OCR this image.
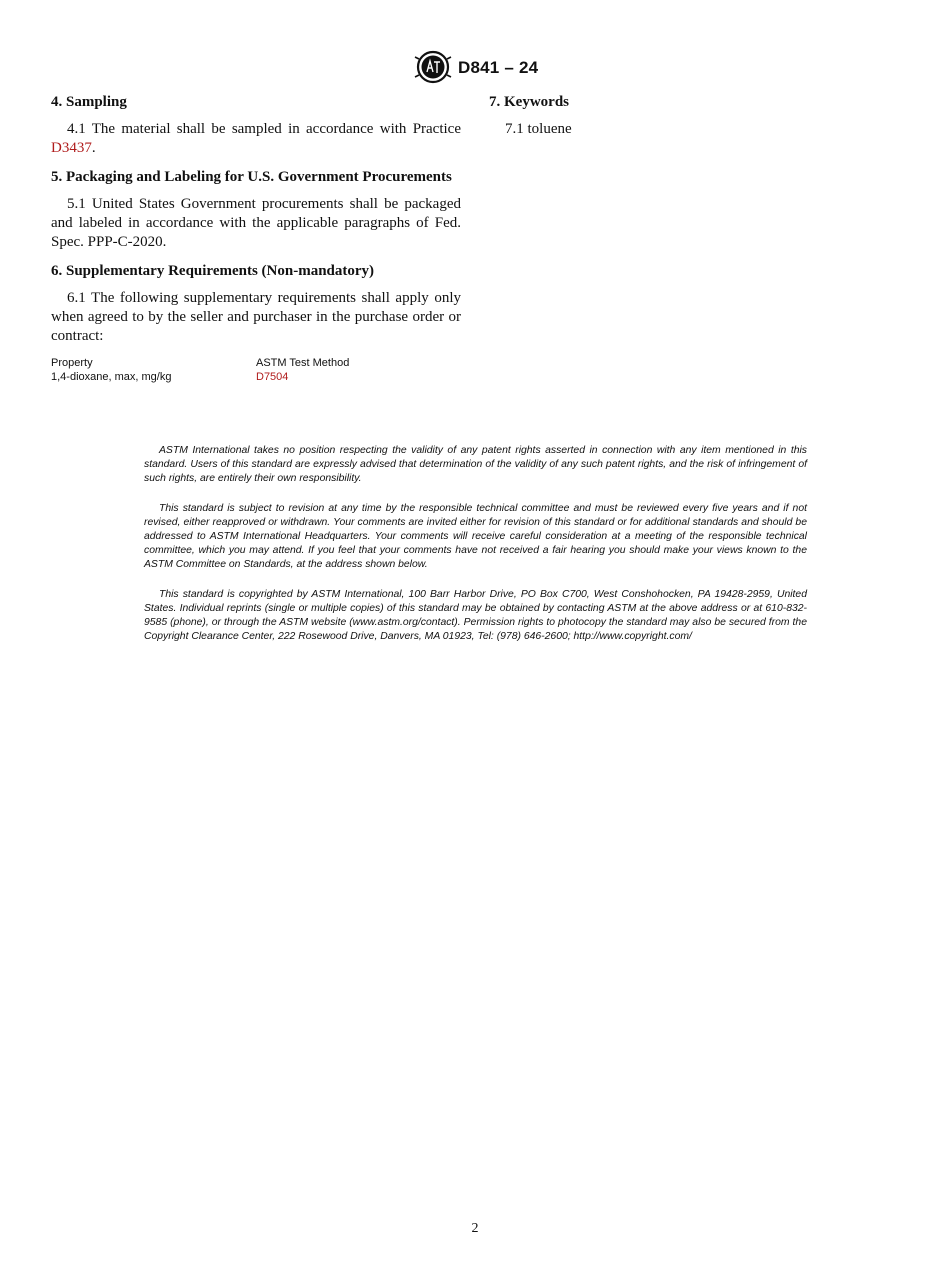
D841 – 24
4. Sampling

4.1 The material shall be sampled in accordance with Practice D3437.

5. Packaging and Labeling for U.S. Government Procurements

5.1 United States Government procurements shall be packaged and labeled in accordance with the applicable paragraphs of Fed. Spec. PPP-C-2020.

6. Supplementary Requirements (Non-mandatory)

6.1 The following supplementary requirements shall apply only when agreed to by the seller and purchaser in the purchase order or contract:

Property	ASTM Test Method
1,4-dioxane, max, mg/kg	D7504
7. Keywords

7.1 toluene

ASTM International takes no position respecting the validity of any patent rights asserted in connection with any item mentioned in this standard. Users of this standard are expressly advised that determination of the validity of any such patent rights, and the risk of infringement of such rights, are entirely their own responsibility.

This standard is subject to revision at any time by the responsible technical committee and must be reviewed every five years and if not revised, either reapproved or withdrawn. Your comments are invited either for revision of this standard or for additional standards and should be addressed to ASTM International Headquarters. Your comments will receive careful consideration at a meeting of the responsible technical committee, which you may attend. If you feel that your comments have not received a fair hearing you should make your views known to the ASTM Committee on Standards, at the address shown below.

This standard is copyrighted by ASTM International, 100 Barr Harbor Drive, PO Box C700, West Conshohocken, PA 19428-2959, United States. Individual reprints (single or multiple copies) of this standard may be obtained by contacting ASTM at the above address or at 610-832-9585 (phone), or through the ASTM website (www.astm.org/contact). Permission rights to photocopy the standard may also be secured from the Copyright Clearance Center, 222 Rosewood Drive, Danvers, MA 01923, Tel: (978) 646-2600; http://www.copyright.com/

2
